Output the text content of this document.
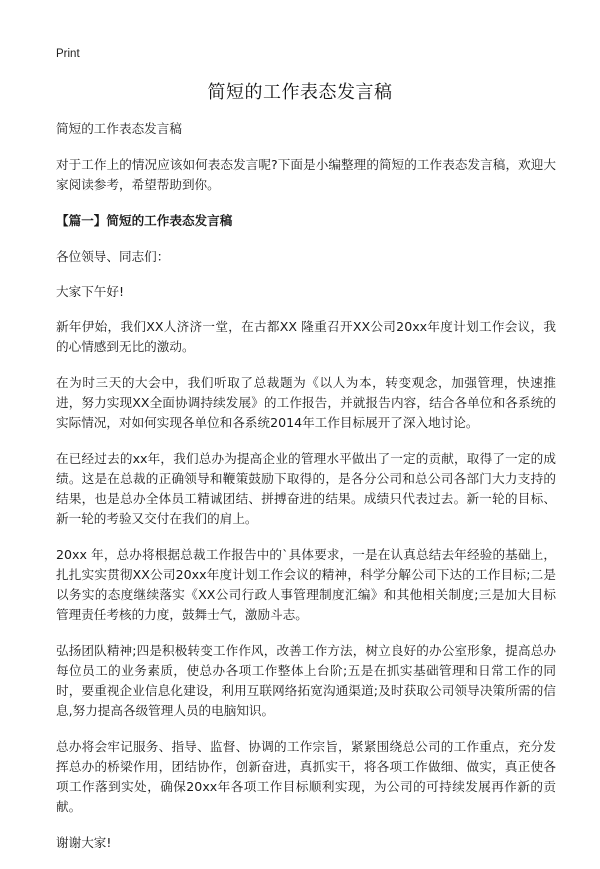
Print
简短的工作表态发言稿

简短的工作表态发言稿

对于工作上的情况应该如何表态发言呢?下面是小编整理的简短的工作表态发言稿，欢迎大家阅读参考，希望帮助到你。

【篇一】简短的工作表态发言稿

各位领导、同志们：

大家下午好!

新年伊始，我们XX人济济一堂，在古都XX 隆重召开XX公司20xx年度计划工作会议，我的心情感到无比的激动。

在为时三天的大会中，我们听取了总裁题为《以人为本，转变观念，加强管理，快速推进，努力实现XX全面协调持续发展》的工作报告，并就报告内容，结合各单位和各系统的实际情况，对如何实现各单位和各系统2014年工作目标展开了深入地讨论。

在已经过去的xx年，我们总办为提高企业的管理水平做出了一定的贡献，取得了一定的成绩。这是在总裁的正确领导和鞭策鼓励下取得的，是各分公司和总公司各部门大力支持的结果，也是总办全体员工精诚团结、拼搏奋进的结果。成绩只代表过去。新一轮的目标、新一轮的考验又交付在我们的肩上。

20xx 年，总办将根据总裁工作报告中的`具体要求，一是在认真总结去年经验的基础上，扎扎实实贯彻XX公司20xx年度计划工作会议的精神，科学分解公司下达的工作目标;二是以务实的态度继续落实《XX公司行政人事管理制度汇编》和其他相关制度;三是加大目标管理责任考核的力度，鼓舞士气，激励斗志。

弘扬团队精神;四是积极转变工作作风，改善工作方法，树立良好的办公室形象，提高总办每位员工的业务素质，使总办各项工作整体上台阶;五是在抓实基础管理和日常工作的同时，要重视企业信息化建设，利用互联网络拓宽沟通渠道;及时获取公司领导决策所需的信息,努力提高各级管理人员的电脑知识。

总办将会牢记服务、指导、监督、协调的工作宗旨，紧紧围绕总公司的工作重点，充分发挥总办的桥梁作用，团结协作，创新奋进，真抓实干，将各项工作做细、做实，真正使各项工作落到实处，确保20xx年各项工作目标顺利实现，为公司的可持续发展再作新的贡献。

谢谢大家!
